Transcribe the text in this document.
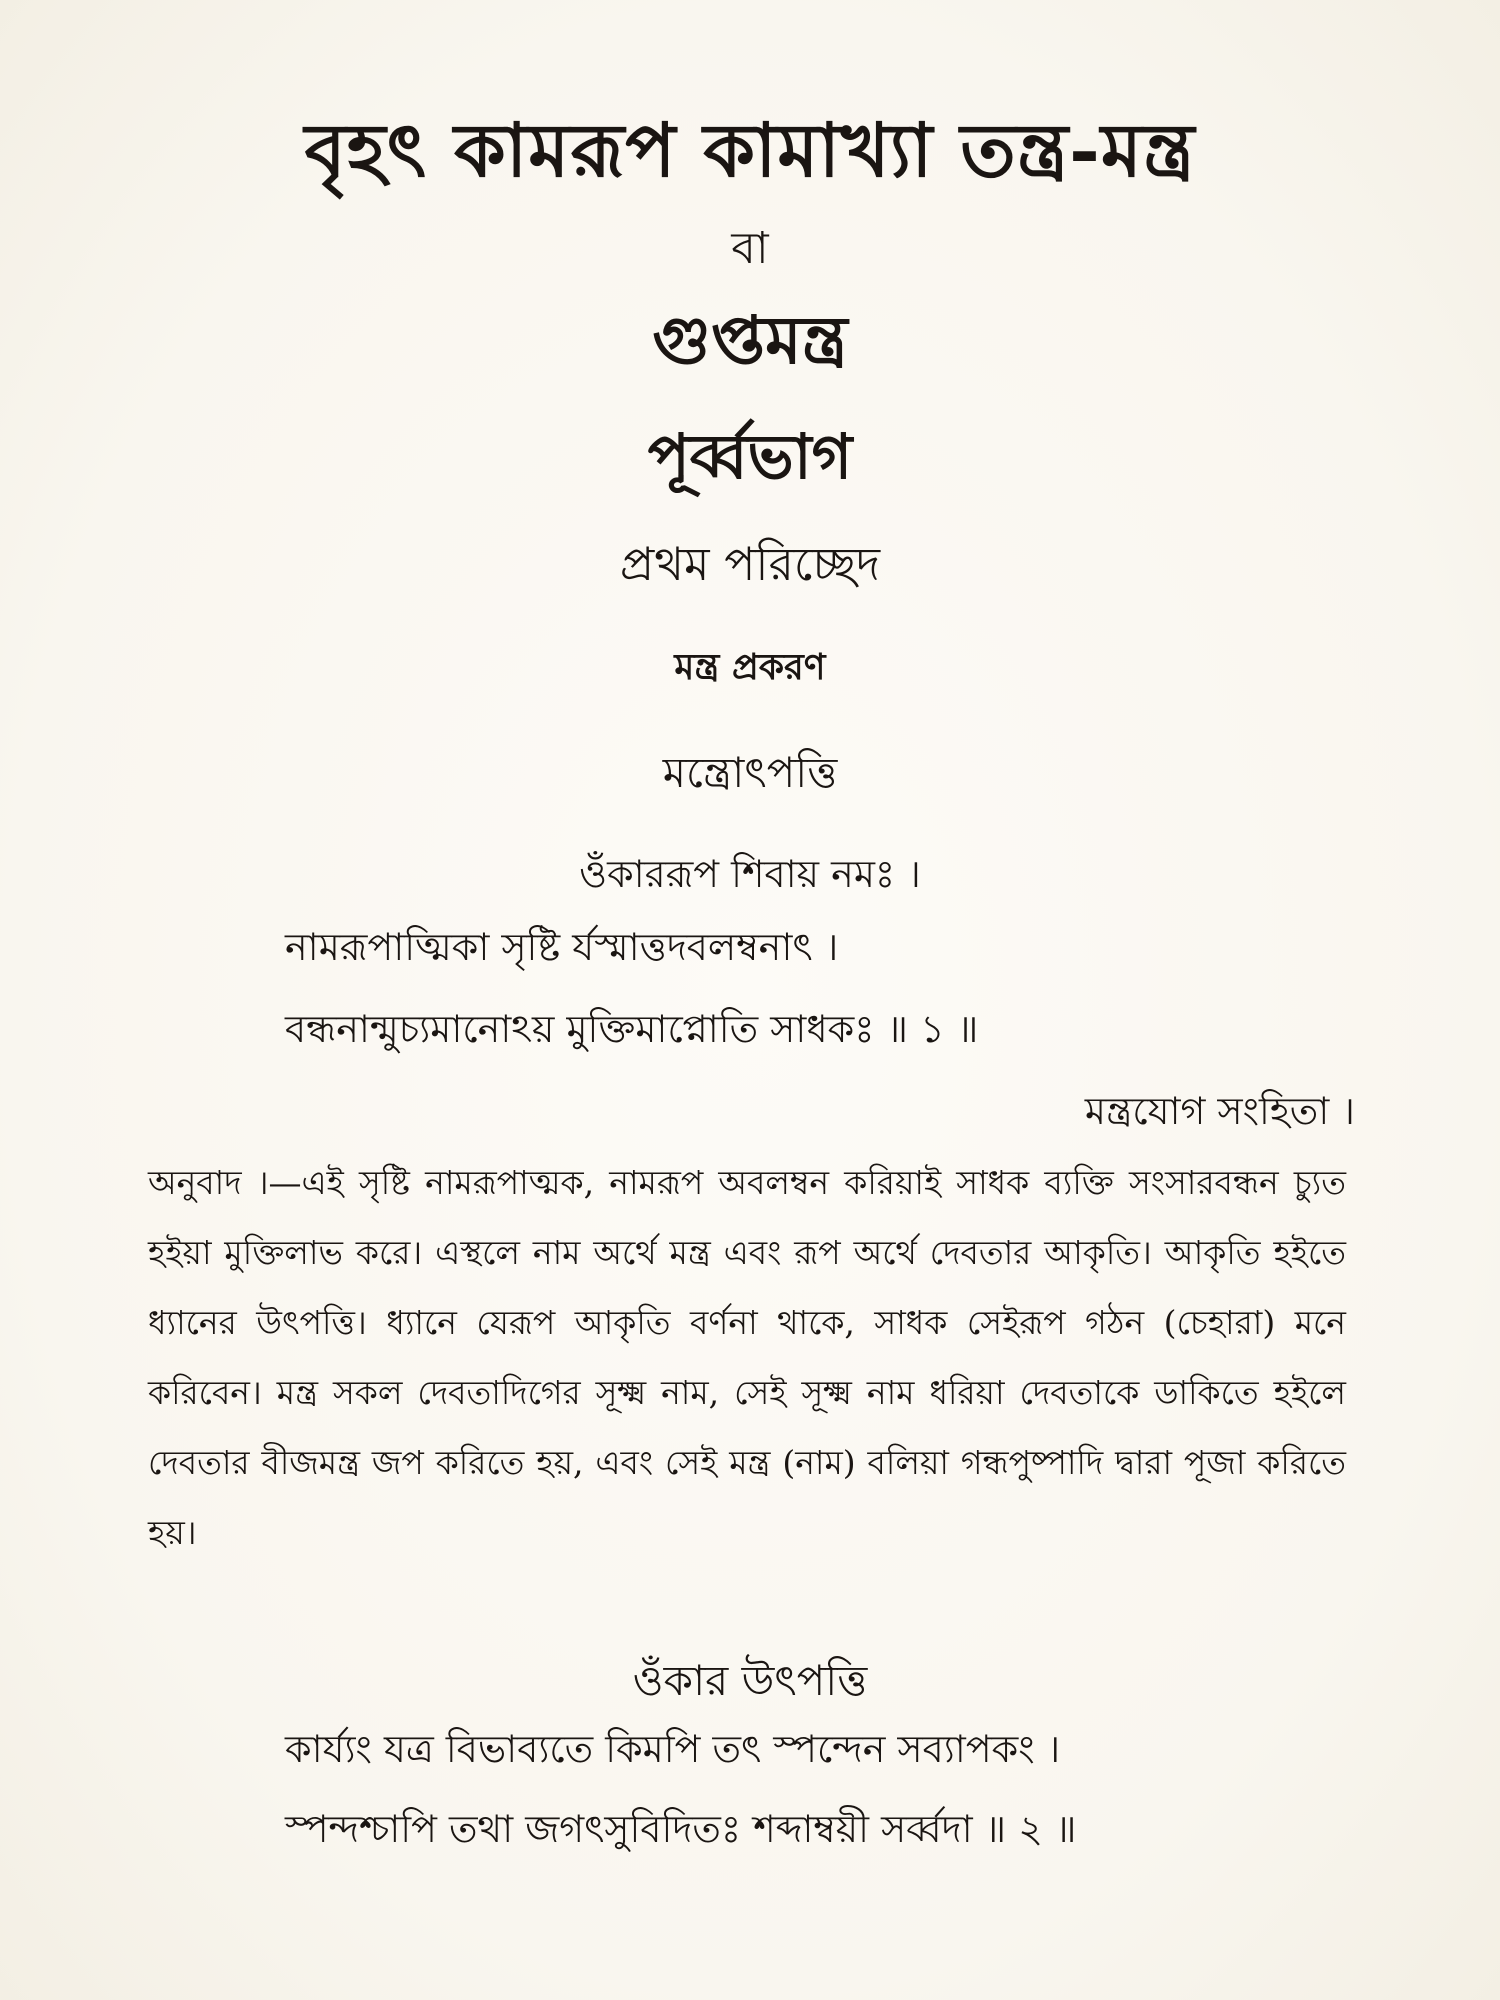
বৃহৎ কামরূপ কামাখ্যা তন্ত্র-মন্ত্র
বা
গুপ্তমন্ত্র
পূর্ব্বভাগ
প্রথম পরিচ্ছেদ
মন্ত্র প্রকরণ
মন্ত্রোৎপত্তি
ওঁকাররূপ শিবায় নমঃ ।
নামরূপাত্মিকা সৃষ্টি র্যস্মাত্তদবলম্বনাৎ ।
বন্ধনান্মুচ্যমানোঽয় মুক্তিমাপ্নোতি সাধকঃ ॥ ১ ॥
মন্ত্রযোগ সংহিতা ।
অনুবাদ ।—এই সৃষ্টি নামরূপাত্মক, নামরূপ অবলম্বন করিয়াই সাধক ব্যক্তি সংসারবন্ধন চ্যুত হইয়া মুক্তিলাভ করে। এস্থলে নাম অর্থে মন্ত্র এবং রূপ অর্থে দেবতার আকৃতি। আকৃতি হইতে ধ্যানের উৎপত্তি। ধ্যানে যেরূপ আকৃতি বর্ণনা থাকে, সাধক সেইরূপ গঠন (চেহারা) মনে করিবেন। মন্ত্র সকল দেবতাদিগের সূক্ষ্ম নাম, সেই সূক্ষ্ম নাম ধরিয়া দেবতাকে ডাকিতে হইলে দেবতার বীজমন্ত্র জপ করিতে হয়, এবং সেই মন্ত্র (নাম) বলিয়া গন্ধপুষ্পাদি দ্বারা পূজা করিতে হয়।
ওঁকার উৎপত্তি
কার্য্যং যত্র বিভাব্যতে কিমপি তৎ স্পন্দেন সব্যাপকং ।
স্পন্দশ্চাপি তথা জগৎসুবিদিতঃ শব্দাম্বয়ী সর্ব্বদা ॥ ২ ॥
